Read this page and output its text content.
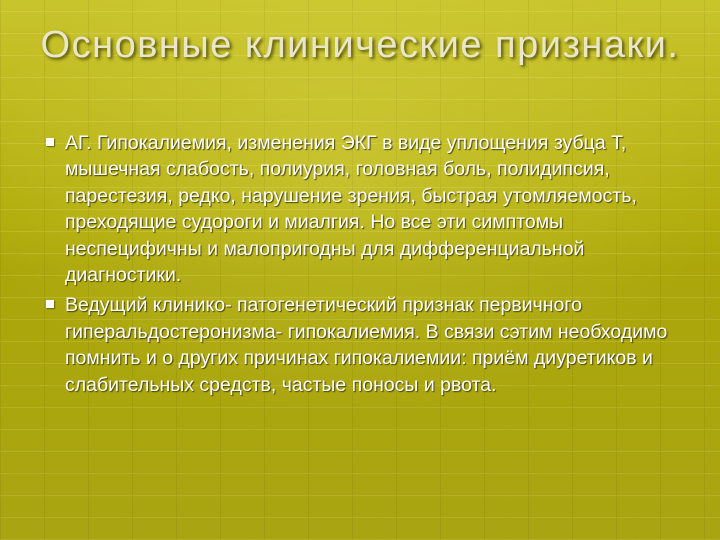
Основные клинические признаки.
АГ. Гипокалиемия, изменения ЭКГ в виде уплощения зубца Т, мышечная слабость, полиурия, головная боль, полидипсия, парестезия, редко, нарушение зрения, быстрая утомляемость, преходящие судороги и миалгия. Но все эти симптомы неспецифичны и малопригодны для дифференциальной диагностики.
Ведущий клинико- патогенетический признак первичного гиперальдостеронизма- гипокалиемия. В связи сэтим необходимо помнить и о других причинах гипокалиемии: приём диуретиков и слабительных средств, частые поносы и рвота.
